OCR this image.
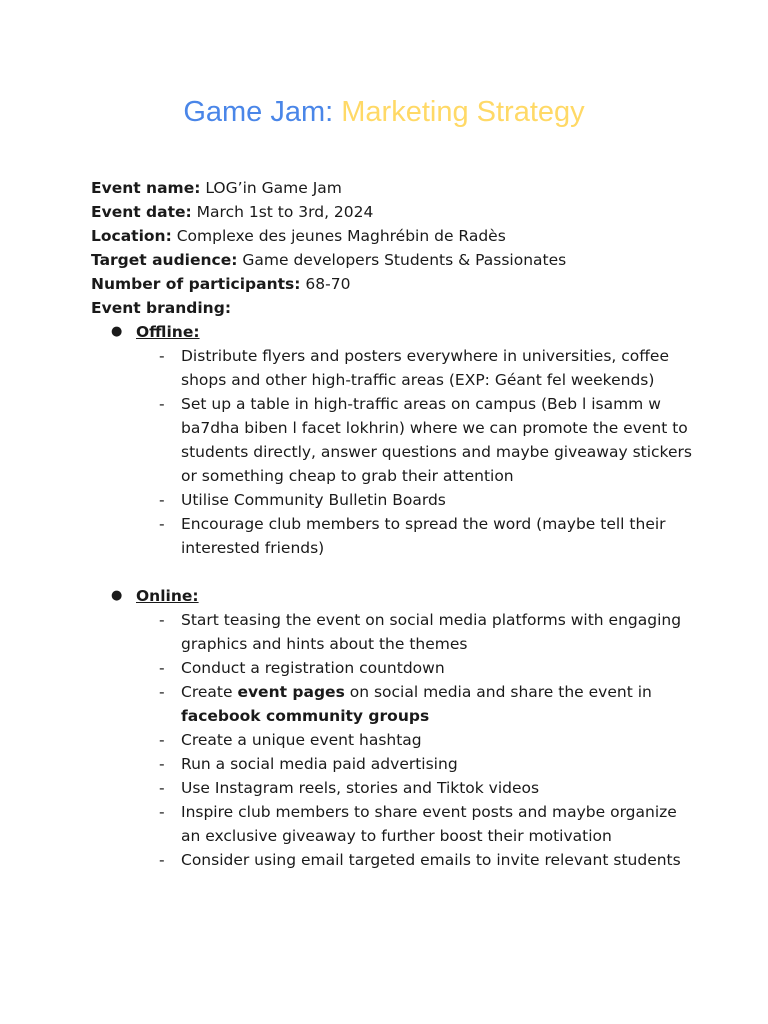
Game Jam: Marketing Strategy

Event name: LOG’in Game Jam

Event date: March 1st to 3rd, 2024

Location: Complexe des jeunes Maghrébin de Radès

Target audience: Game developers Students & Passionates

Number of participants: 68-70

Event branding:

● Offline:

- Distribute flyers and posters everywhere in universities, coffee shops and other high-traffic areas (EXP: Géant fel weekends)
- Set up a table in high-traffic areas on campus (Beb l isamm w ba7dha biben l facet lokhrin) where we can promote the event to students directly, answer questions and maybe giveaway stickers or something cheap to grab their attention
- Utilise Community Bulletin Boards
- Encourage club members to spread the word (maybe tell their interested friends)

● Online:

- Start teasing the event on social media platforms with engaging graphics and hints about the themes
- Conduct a registration countdown
- Create event pages on social media and share the event in facebook community groups
- Create a unique event hashtag
- Run a social media paid advertising
- Use Instagram reels, stories and Tiktok videos
- Inspire club members to share event posts and maybe organize an exclusive giveaway to further boost their motivation
- Consider using email targeted emails to invite relevant students
